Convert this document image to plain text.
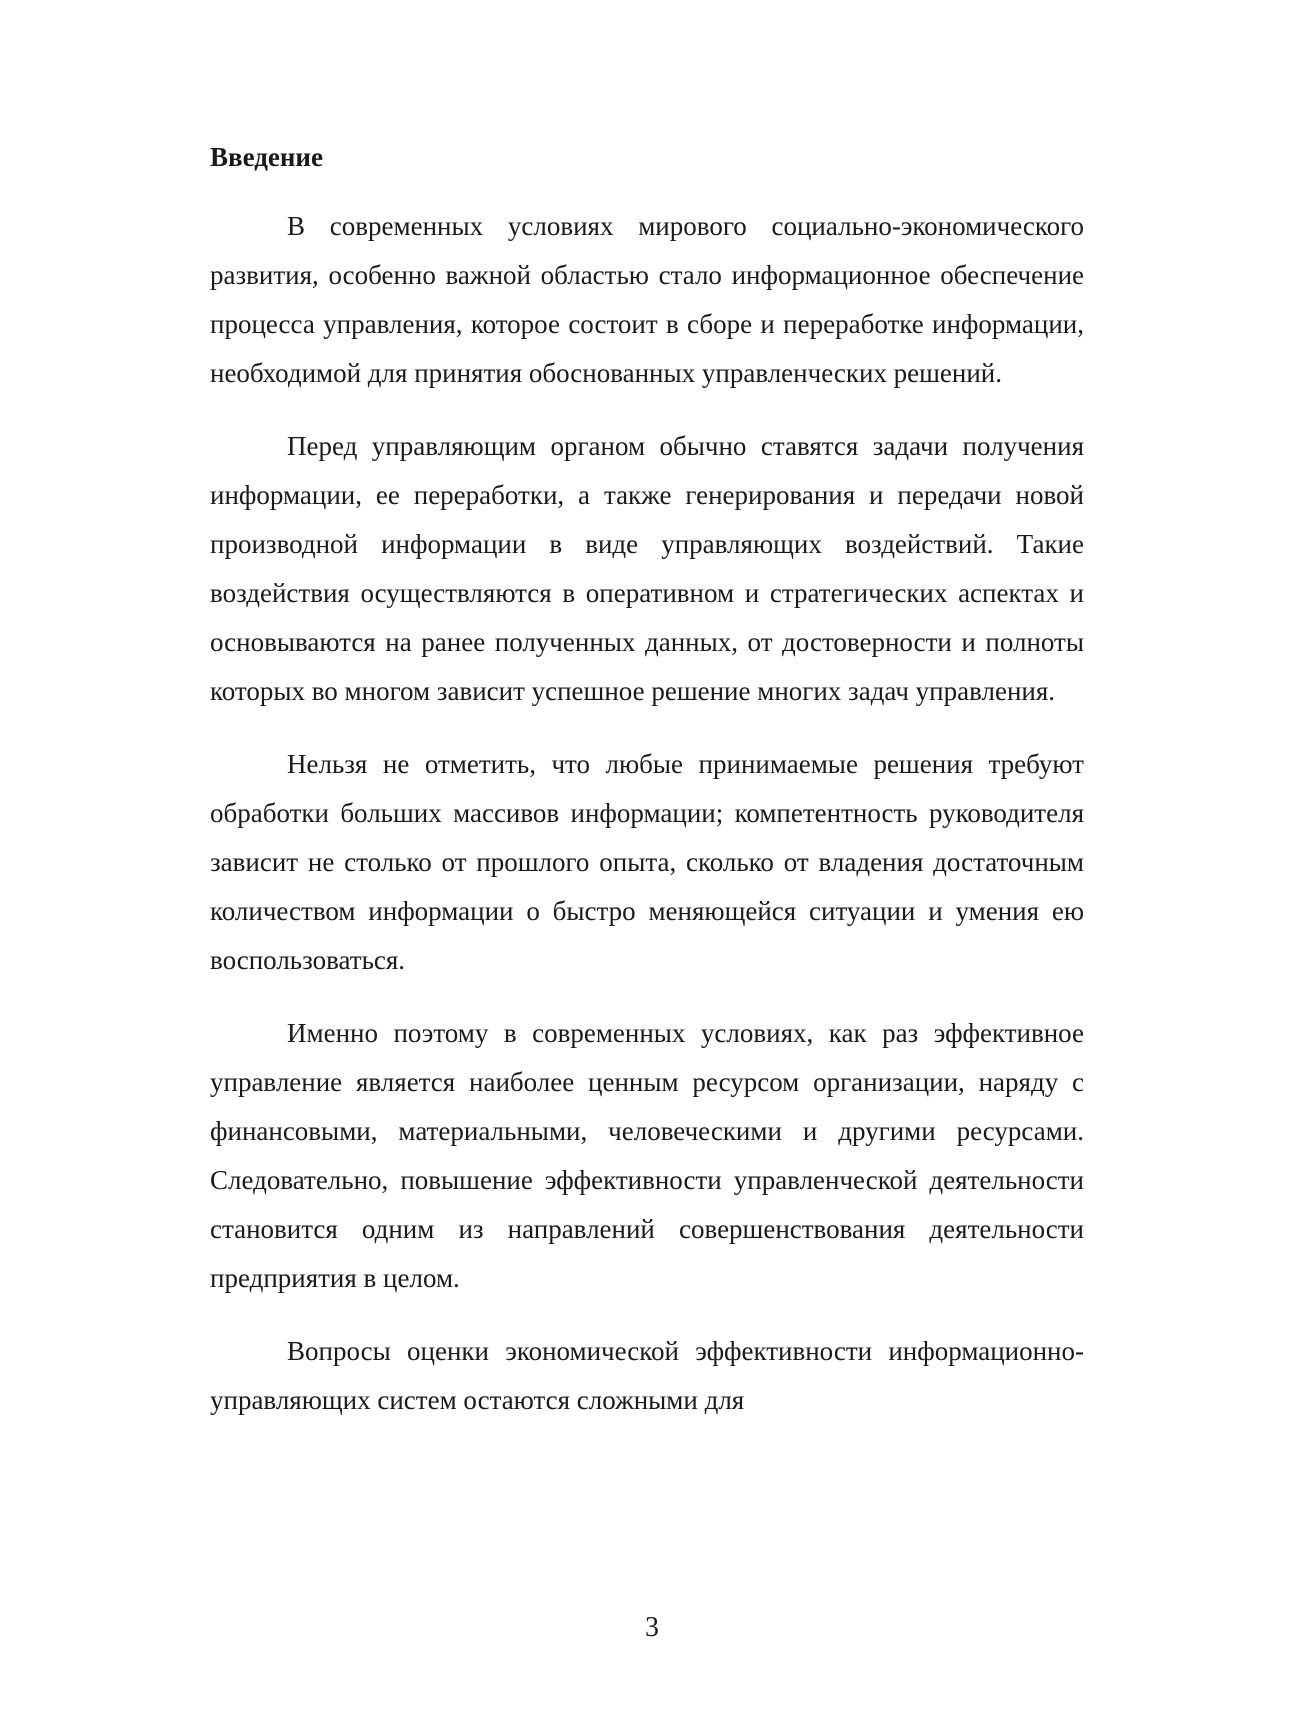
Введение

В современных условиях мирового социально-экономического развития, особенно важной областью стало информационное обеспечение процесса управления, которое состоит в сборе и переработке информации, необходимой для принятия обоснованных управленческих решений.

Перед управляющим органом обычно ставятся задачи получения информации, ее переработки, а также генерирования и передачи новой производной информации в виде управляющих воздействий. Такие воздействия осуществляются в оперативном и стратегических аспектах и основываются на ранее полученных данных, от достоверности и полноты которых во многом зависит успешное решение многих задач управления.

Нельзя не отметить, что любые принимаемые решения требуют обработки больших массивов информации; компетентность руководителя зависит не столько от прошлого опыта, сколько от владения достаточным количеством информации о быстро меняющейся ситуации и умения ею воспользоваться.

Именно поэтому в современных условиях, как раз эффективное управление является наиболее ценным ресурсом организации, наряду с финансовыми, материальными, человеческими и другими ресурсами. Следовательно, повышение эффективности управленческой деятельности становится одним из направлений совершенствования деятельности предприятия в целом.

Вопросы оценки экономической эффективности информационно-управляющих систем остаются сложными для

3
